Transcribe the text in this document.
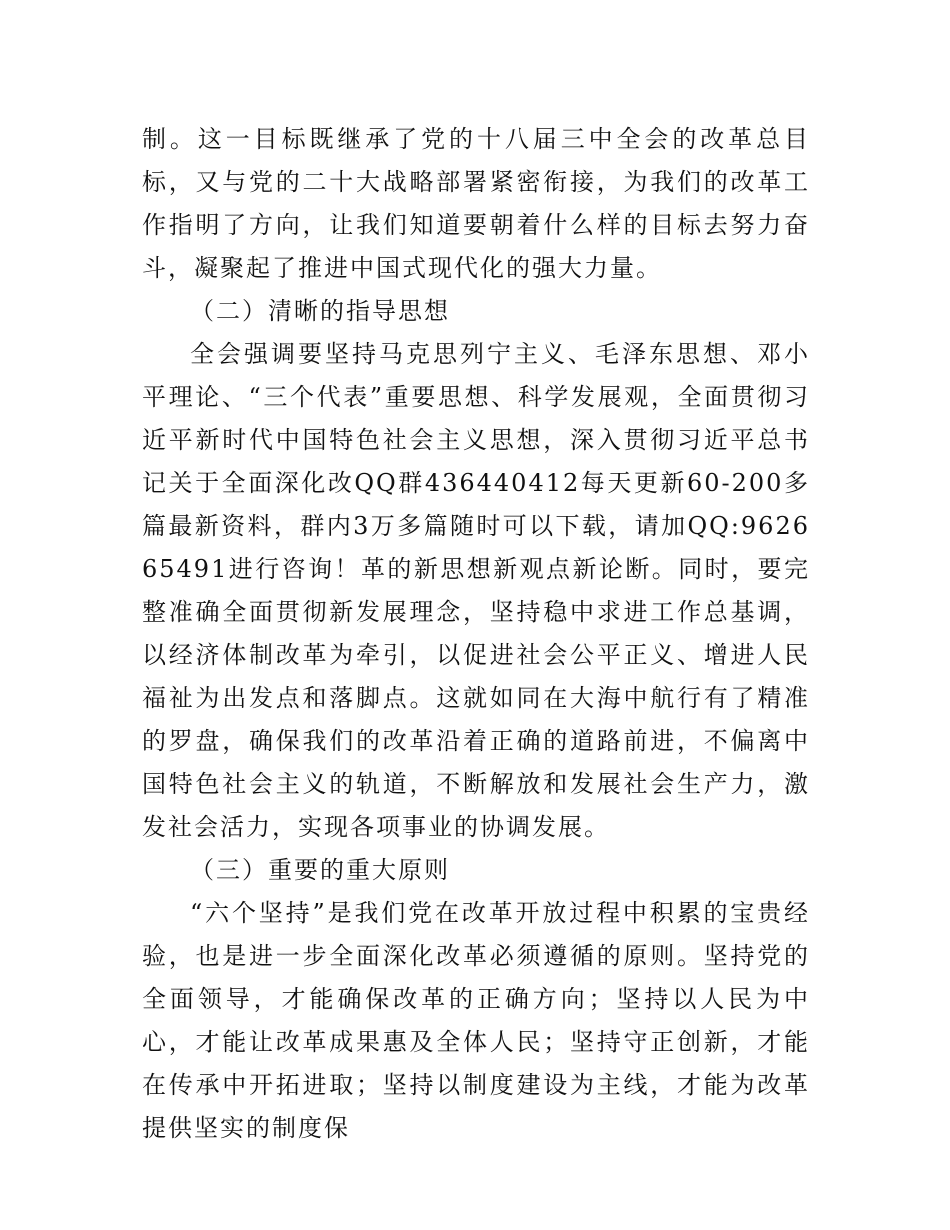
制。这一目标既继承了党的十八届三中全会的改革总目标，又与党的二十大战略部署紧密衔接，为我们的改革工作指明了方向，让我们知道要朝着什么样的目标去努力奋斗，凝聚起了推进中国式现代化的强大力量。

（二）清晰的指导思想

全会强调要坚持马克思列宁主义、毛泽东思想、邓小平理论、“三个代表”重要思想、科学发展观，全面贯彻习近平新时代中国特色社会主义思想，深入贯彻习近平总书记关于全面深化改QQ群436440412每天更新60-200多篇最新资料，群内3万多篇随时可以下载，请加QQ:962665491进行咨询！革的新思想新观点新论断。同时，要完整准确全面贯彻新发展理念，坚持稳中求进工作总基调，以经济体制改革为牵引，以促进社会公平正义、增进人民福祉为出发点和落脚点。这就如同在大海中航行有了精准的罗盘，确保我们的改革沿着正确的道路前进，不偏离中国特色社会主义的轨道，不断解放和发展社会生产力，激发社会活力，实现各项事业的协调发展。

（三）重要的重大原则

“六个坚持”是我们党在改革开放过程中积累的宝贵经验，也是进一步全面深化改革必须遵循的原则。坚持党的全面领导，才能确保改革的正确方向；坚持以人民为中心，才能让改革成果惠及全体人民；坚持守正创新，才能在传承中开拓进取；坚持以制度建设为主线，才能为改革提供坚实的制度保
